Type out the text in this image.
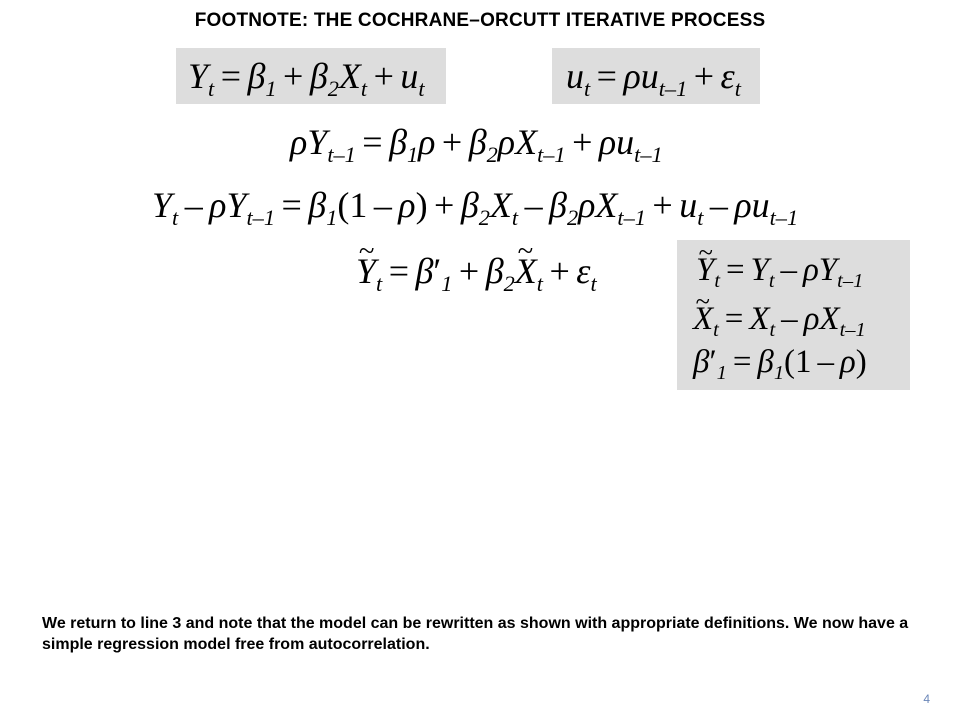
FOOTNOTE: THE COCHRANE–ORCUTT ITERATIVE PROCESS
$Y_t = \beta_1 + \beta_2X_t + u_t$	$u_t = \rho u_{t-1} + \varepsilon_t$
$\rho Y_{t-1} = \beta_1\rho + \beta_2\rho X_{t-1} + \rho u_{t-1}$
$Y_t - \rho Y_{t-1} = \beta_1(1 - \rho) + \beta_2X_t - \beta_2\rho X_{t-1} + u_t - \rho u_{t-1}$
~ $Y_t = \beta'_1$ + $\beta_2\sim$ $X_t + \varepsilon_t$
~	$Y_t = Y_t - \rho Y_{t-1}$
~ $X_t = X_t - \rho X_{t-1}$
$\beta'_1 = \beta_1(1 - \rho)$
We return to line 3 and note that the model can be rewritten as shown with appropriate definitions. We now have a simple regression model free from autocorrelation.
4
